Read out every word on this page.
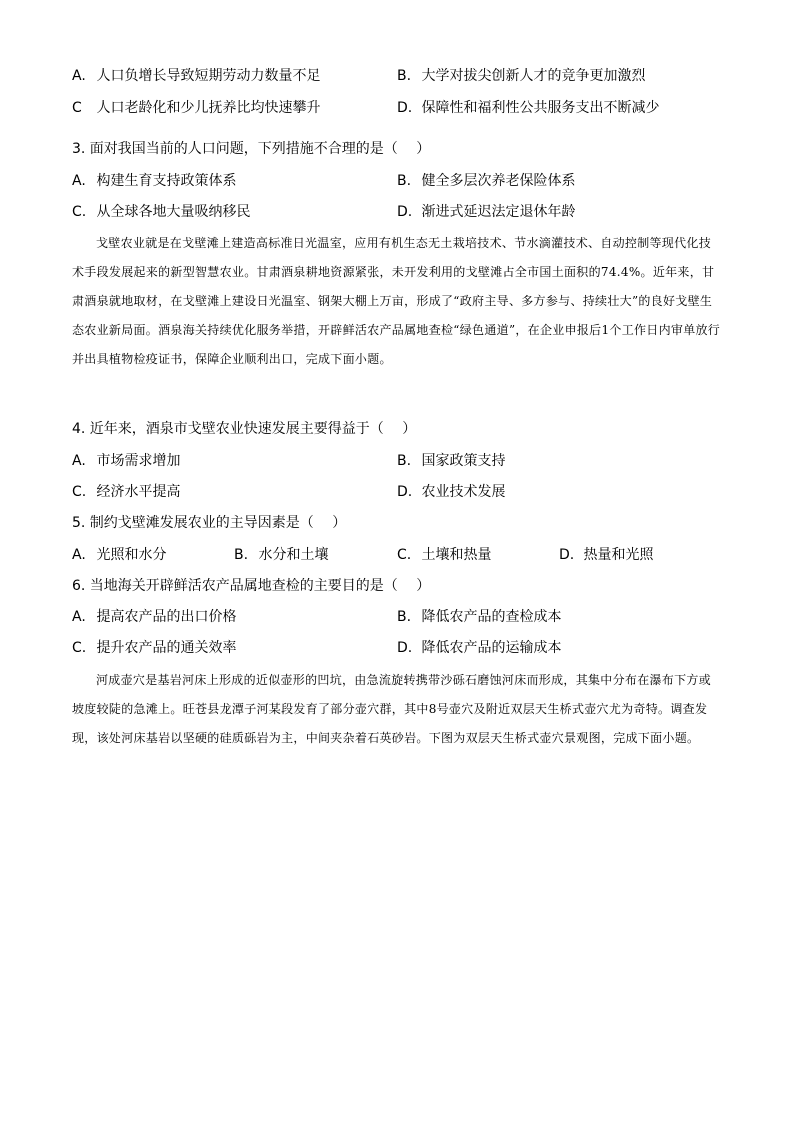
A. 人口负增长导致短期劳动力数量不足	B. 大学对拔尖创新人才的竞争更加激烈
C 人口老龄化和少儿抚养比均快速攀升	D. 保障性和福利性公共服务支出不断减少
3. 面对我国当前的人口问题，下列措施不合理的是（　 ）
A. 构建生育支持政策体系	B. 健全多层次养老保险体系
C. 从全球各地大量吸纳移民	D. 渐进式延迟法定退休年龄

戈壁农业就是在戈壁滩上建造高标准日光温室，应用有机生态无土栽培技术、节水滴灌技术、自动控制等现代化技术手段发展起来的新型智慧农业。甘肃酒泉耕地资源紧张，未开发利用的戈壁滩占全市国土面积的74.4%。近年来，甘肃酒泉就地取材，在戈壁滩上建设日光温室、钢架大棚上万亩，形成了“政府主导、多方参与、持续壮大”的良好戈壁生态农业新局面。酒泉海关持续优化服务举措，开辟鲜活农产品属地查检“绿色通道”，在企业申报后1个工作日内审单放行并出具植物检疫证书，保障企业顺利出口，完成下面小题。

4. 近年来，酒泉市戈壁农业快速发展主要得益于（　 ）
A. 市场需求增加	B. 国家政策支持
C. 经济水平提高	D. 农业技术发展
5. 制约戈壁滩发展农业的主导因素是（　 ）
A. 光照和水分	B. 水分和土壤	C. 土壤和热量	D. 热量和光照
6. 当地海关开辟鲜活农产品属地查检的主要目的是（　 ）
A. 提高农产品的出口价格	B. 降低农产品的查检成本
C. 提升农产品的通关效率	D. 降低农产品的运输成本

河成壶穴是基岩河床上形成的近似壶形的凹坑，由急流旋转携带沙砾石磨蚀河床而形成，其集中分布在瀑布下方或坡度较陡的急滩上。旺苍县龙潭子河某段发育了部分壶穴群，其中8号壶穴及附近双层天生桥式壶穴尤为奇特。调查发现，该处河床基岩以坚硬的硅质砾岩为主，中间夹杂着石英砂岩。下图为双层天生桥式壶穴景观图，完成下面小题。
